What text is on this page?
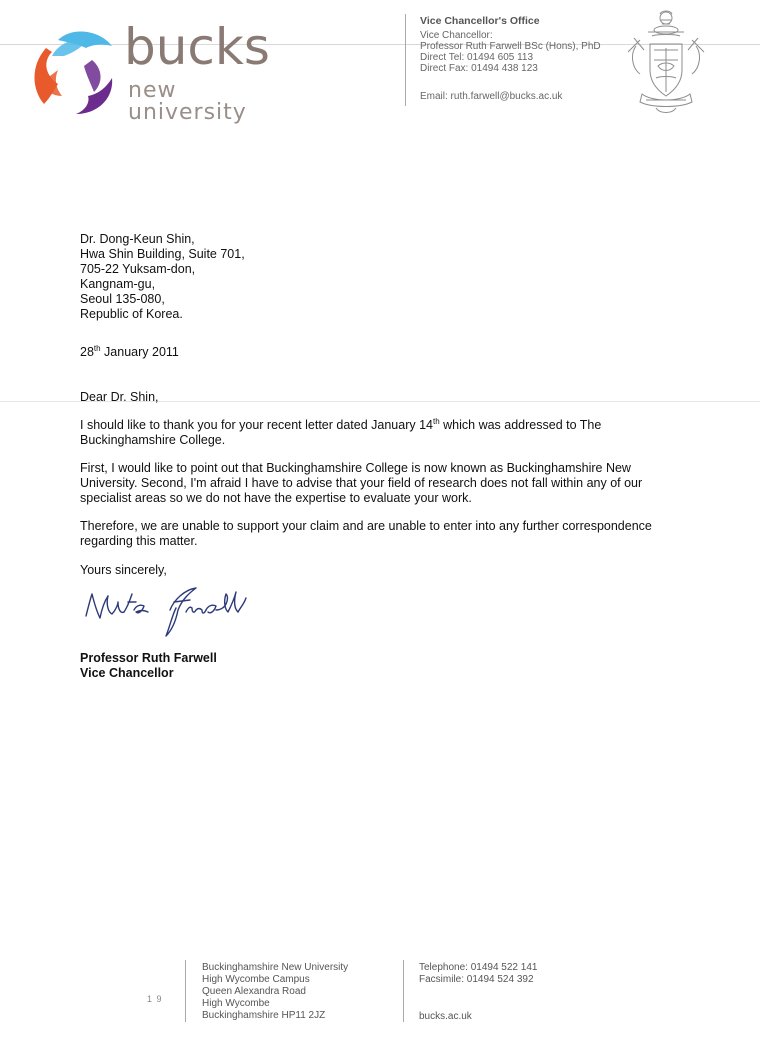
bucks
new university
Vice Chancellor's Office
Vice Chancellor:
Professor Ruth Farwell BSc (Hons), PhD
Direct Tel: 01494 605 113
Direct Fax: 01494 438 123
Email: ruth.farwell@bucks.ac.uk
Dr. Dong-Keun Shin,
Hwa Shin Building, Suite 701,
705-22 Yuksam-don,
Kangnam-gu,
Seoul 135-080,
Republic of Korea.
28th January 2011
Dear Dr. Shin,
I should like to thank you for your recent letter dated January 14th which was addressed to The Buckinghamshire College.
First, I would like to point out that Buckinghamshire College is now known as Buckinghamshire New University. Second, I'm afraid I have to advise that your field of research does not fall within any of our specialist areas so we do not have the expertise to evaluate your work.
Therefore, we are unable to support your claim and are unable to enter into any further correspondence regarding this matter.
Yours sincerely,
Professor Ruth Farwell
Vice Chancellor
1 9
Buckinghamshire New University
High Wycombe Campus
Queen Alexandra Road
High Wycombe
Buckinghamshire HP11 2JZ
Telephone: 01494 522 141
Facsimile: 01494 524 392
bucks.ac.uk
